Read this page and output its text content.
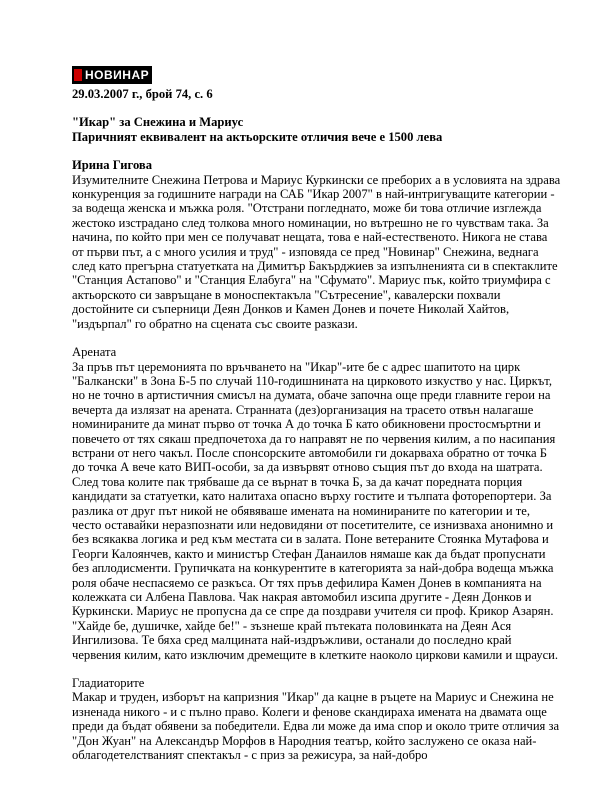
НОВИНАР

29.03.2007 г., брой 74, с. 6

"Икар" за Снежина и Мариус

Паричният еквивалент на актьорските отличия вече е 1500 лева

Ирина Гигова

Изумителните Снежина Петрова и Мариус Куркински се преборих а в условията на здрава конкуренция за годишните награди на САБ "Икар 2007" в най-интригуващите категории - за водеща женска и мъжка роля. "Отстрани погледнато, може би това отличие изглежда жестоко изстрадано след толкова много номинации, но вътрешно не го чувствам така. За начина, по който при мен се получават нещата, това е най-естественото. Никога не става от първи път, а с много усилия и труд" - изповяда се пред "Новинар" Снежина, веднага след като прегърна статуетката на Димитър Бакърджиев за изпълненията си в спектаклите "Станция Астапово" и "Станция Елабуга" на "Сфумато". Мариус пък, който триумфира с актьорското си завръщане в моноспектакъла "Сътресение", кавалерски похвали достойните си съперници Деян Донков и Камен Донев и почете Николай Хайтов, "издърпал" го обратно на сцената със своите разкази.

Арената

За пръв път церемонията по връчването на "Икар"-ите бе с адрес шапитото на цирк "Балкански" в Зона Б-5 по случай 110-годишнината на цирковото изкуство у нас. Циркът, но не точно в артистичния смисъл на думата, обаче започна още преди главните герои на вечерта да излязат на арената. Странната (дез)организация на трасето отвън налагаше номинираните да минат първо от точка А до точка Б като обикновени простосмъртни и повечето от тях сякаш предпочетоха да го направят не по червения килим, а по насипания встрани от него чакъл. После спонсорските автомобили ги докарваха обратно от точка Б до точка А вече като ВИП-особи, за да извървят отново същия път до входа на шатрата. След това колите пак трябваше да се върнат в точка Б, за да качат поредната порция кандидати за статуетки, като налитаха опасно върху гостите и тълпата фоторепортери. За разлика от друг път никой не обявяваше имената на номинираните по категории и те, често оставайки неразпознати или недовидяни от посетителите, се изнизваха анонимно и без всякаква логика и ред към местата си в залата. Поне ветераните Стоянка Мутафова и Георги Калоянчев, както и министър Стефан Данаилов нямаше как да бъдат пропуснати без аплодисменти. Групичката на конкурентите в категорията за най-добра водеща мъжка роля обаче неспасяемо се разкъса. От тях пръв дефилира Камен Донев в компанията на колежката си Албена Павлова. Чак накрая автомобил изсипа другите - Деян Донков и Куркински. Мариус не пропусна да се спре да поздрави учителя си проф. Крикор Азарян. "Хайде бе, душичке, хайде бе!" - зъзнеше край пътеката половинката на Деян Ася Ингилизова. Те бяха сред малцината най-издръжливи, останали до последно край червения килим, като изключим дремещите в клетките наоколо циркови камили и щрауси.

Гладиаторите

Макар и труден, изборът на капризния "Икар" да кацне в ръцете на Мариус и Снежина не изненада никого - и с пълно право. Колеги и фенове скандираха имената на двамата още преди да бъдат обявени за победители. Едва ли може да има спор и около трите отличия за "Дон Жуан" на Александър Морфов в Народния театър, който заслужено се оказа най-облагодетелстваният спектакъл - с приз за режисура, за най-добро
